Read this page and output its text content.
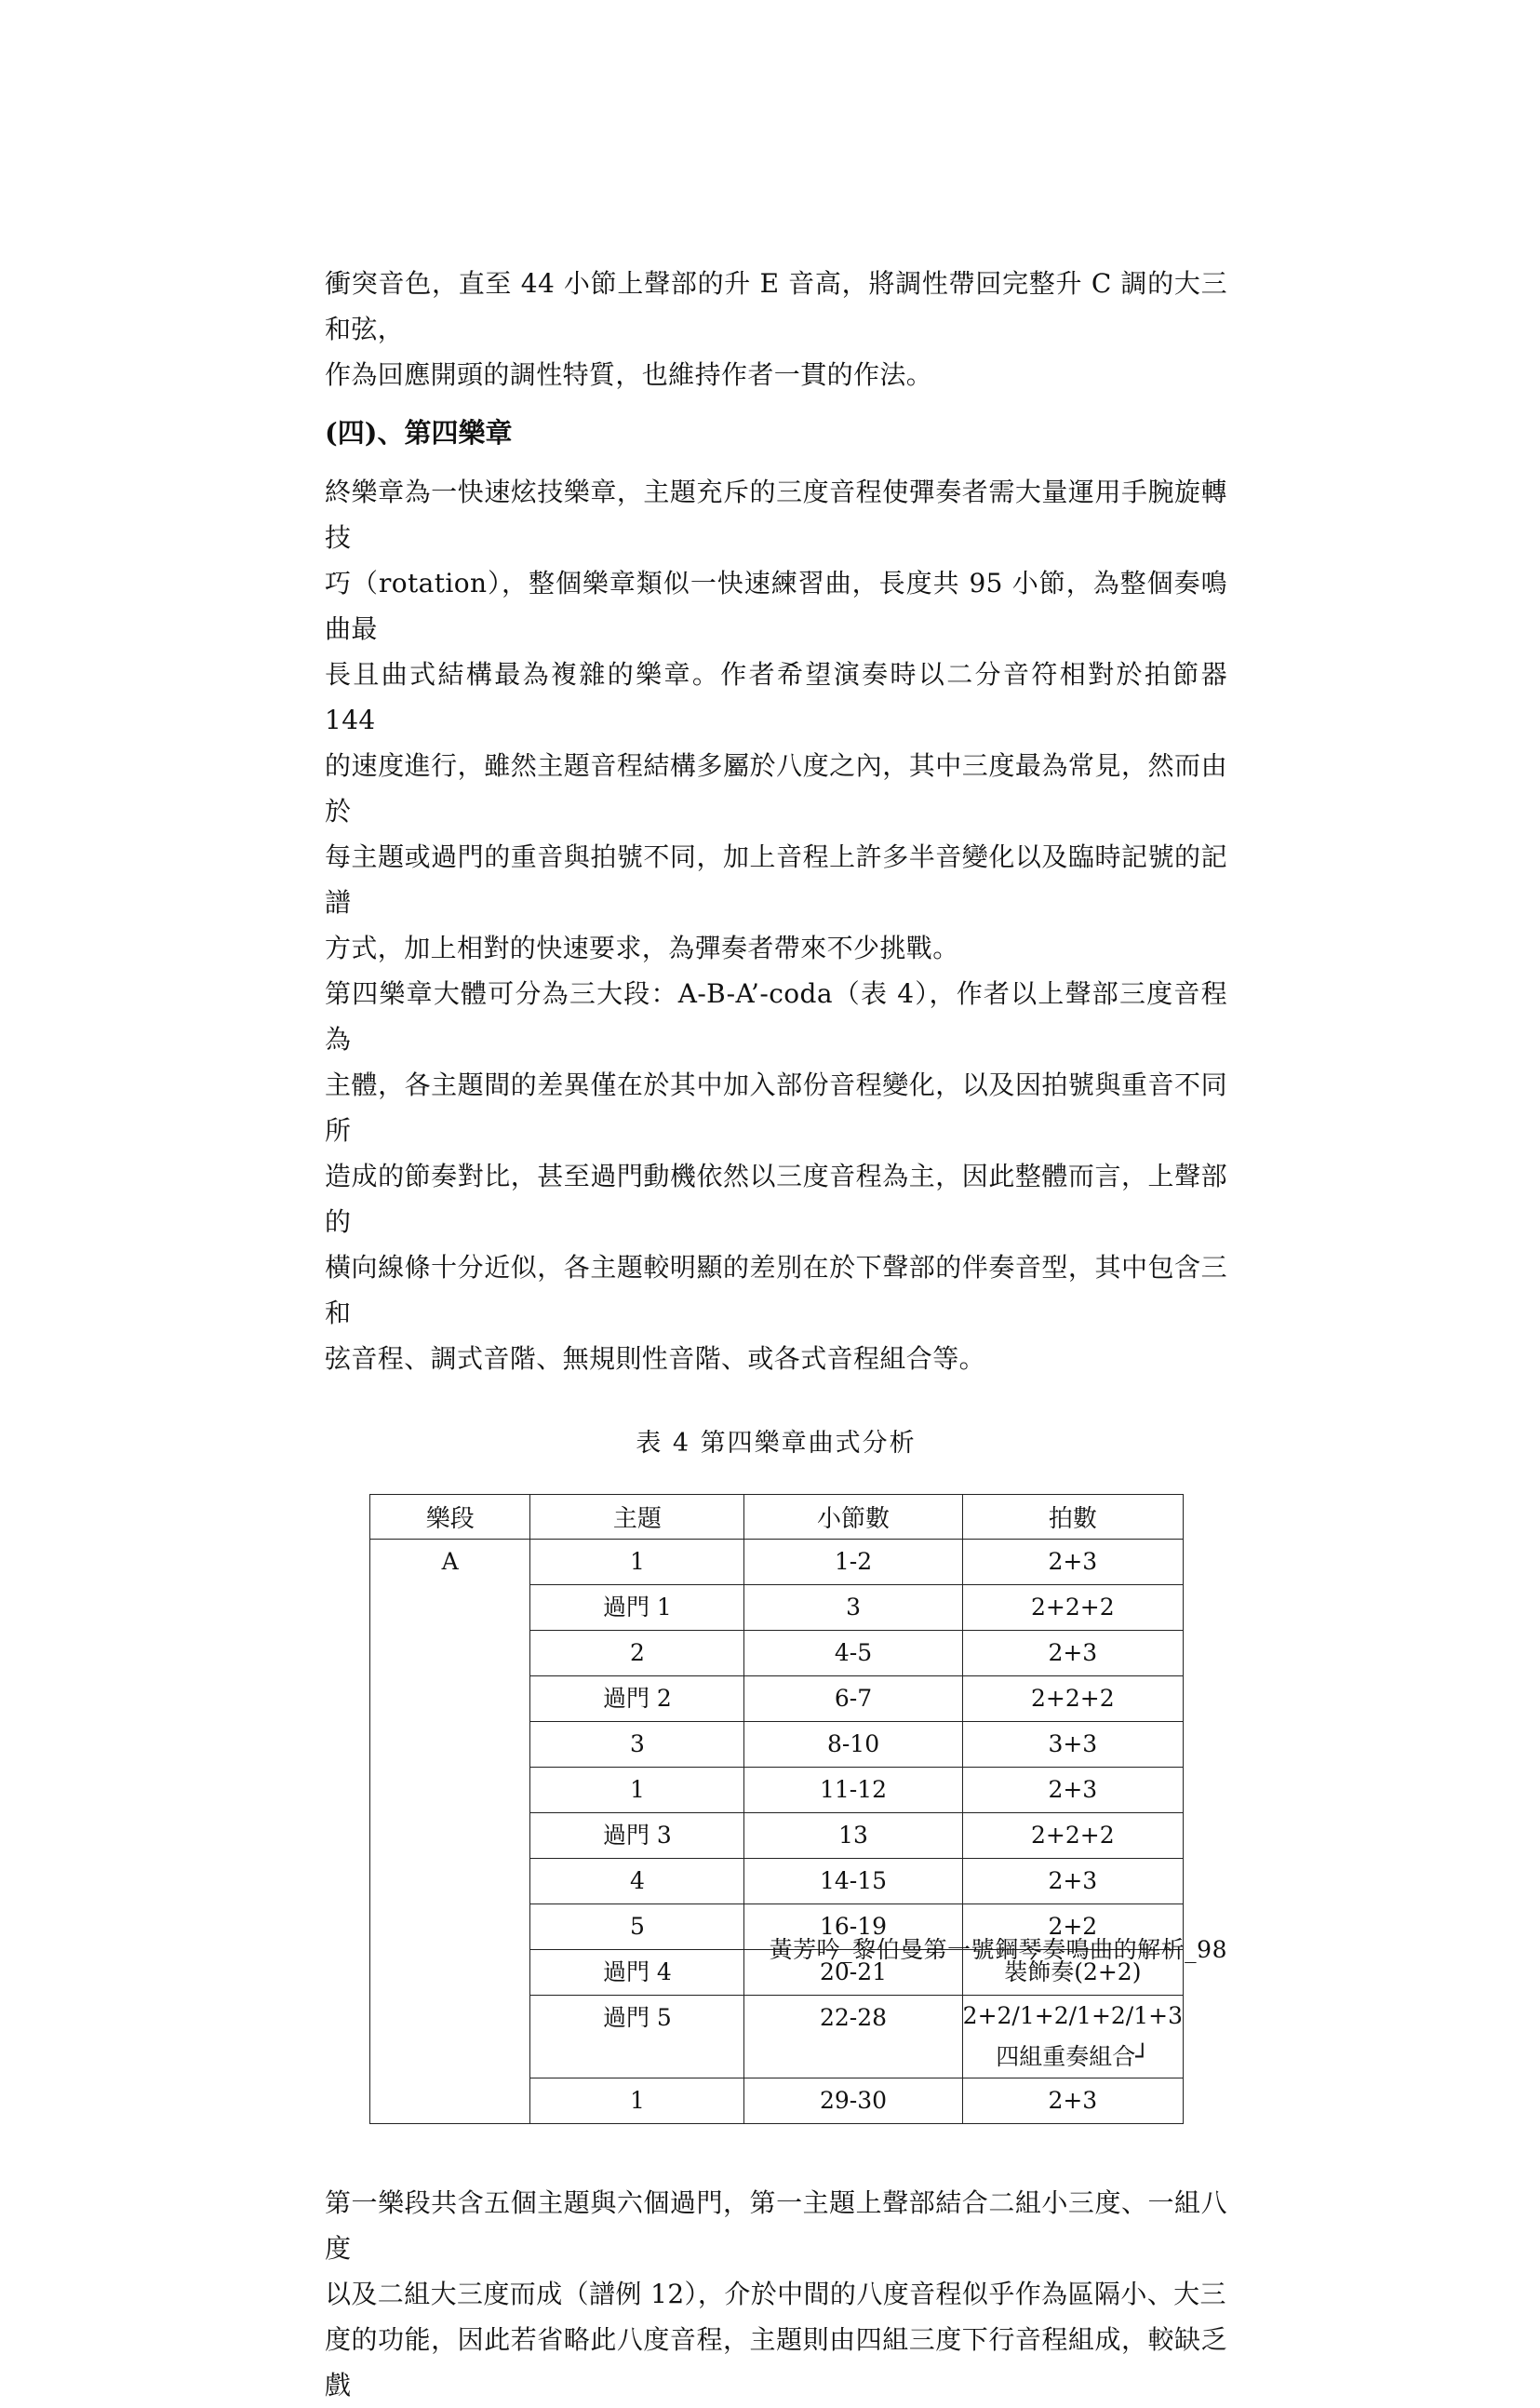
衝突音色，直至 44 小節上聲部的升 E 音高，將調性帶回完整升 C 調的大三和弦，

作為回應開頭的調性特質，也維持作者一貫的作法。

(四)、第四樂章

終樂章為一快速炫技樂章，主題充斥的三度音程使彈奏者需大量運用手腕旋轉技

巧（rotation），整個樂章類似一快速練習曲，長度共 95 小節，為整個奏鳴曲最

長且曲式結構最為複雜的樂章。作者希望演奏時以二分音符相對於拍節器 144

的速度進行，雖然主題音程結構多屬於八度之內，其中三度最為常見，然而由於

每主題或過門的重音與拍號不同，加上音程上許多半音變化以及臨時記號的記譜

方式，加上相對的快速要求，為彈奏者帶來不少挑戰。

第四樂章大體可分為三大段：A-B-A’-coda（表 4），作者以上聲部三度音程為

主體，各主題間的差異僅在於其中加入部份音程變化，以及因拍號與重音不同所

造成的節奏對比，甚至過門動機依然以三度音程為主，因此整體而言，上聲部的

橫向線條十分近似，各主題較明顯的差別在於下聲部的伴奏音型，其中包含三和

弦音程、調式音階、無規則性音階、或各式音程組合等。

表 4 第四樂章曲式分析
樂段	主題	小節數	拍數
A	1	1-2	2+3
	過門 1	3	2+2+2
	2	4-5	2+3
	過門 2	6-7	2+2+2
	3	8-10	3+3
	1	11-12	2+3
	過門 3	13	2+2+2
	4	14-15	2+3
	5	16-19	2+2
	過門 4	20-21	裝飾奏(2+2)
	過門 5	22-28	2+2/1+2/1+2/1+3
四組重奏組合┘

	1	29-30	2+3

第一樂段共含五個主題與六個過門，第一主題上聲部結合二組小三度、一組八度

以及二組大三度而成（譜例 12），介於中間的八度音程似乎作為區隔小、大三

度的功能，因此若省略此八度音程，主題則由四組三度下行音程組成，較缺乏戲

黃芳吟_黎伯曼第一號鋼琴奏鳴曲的解析_98
